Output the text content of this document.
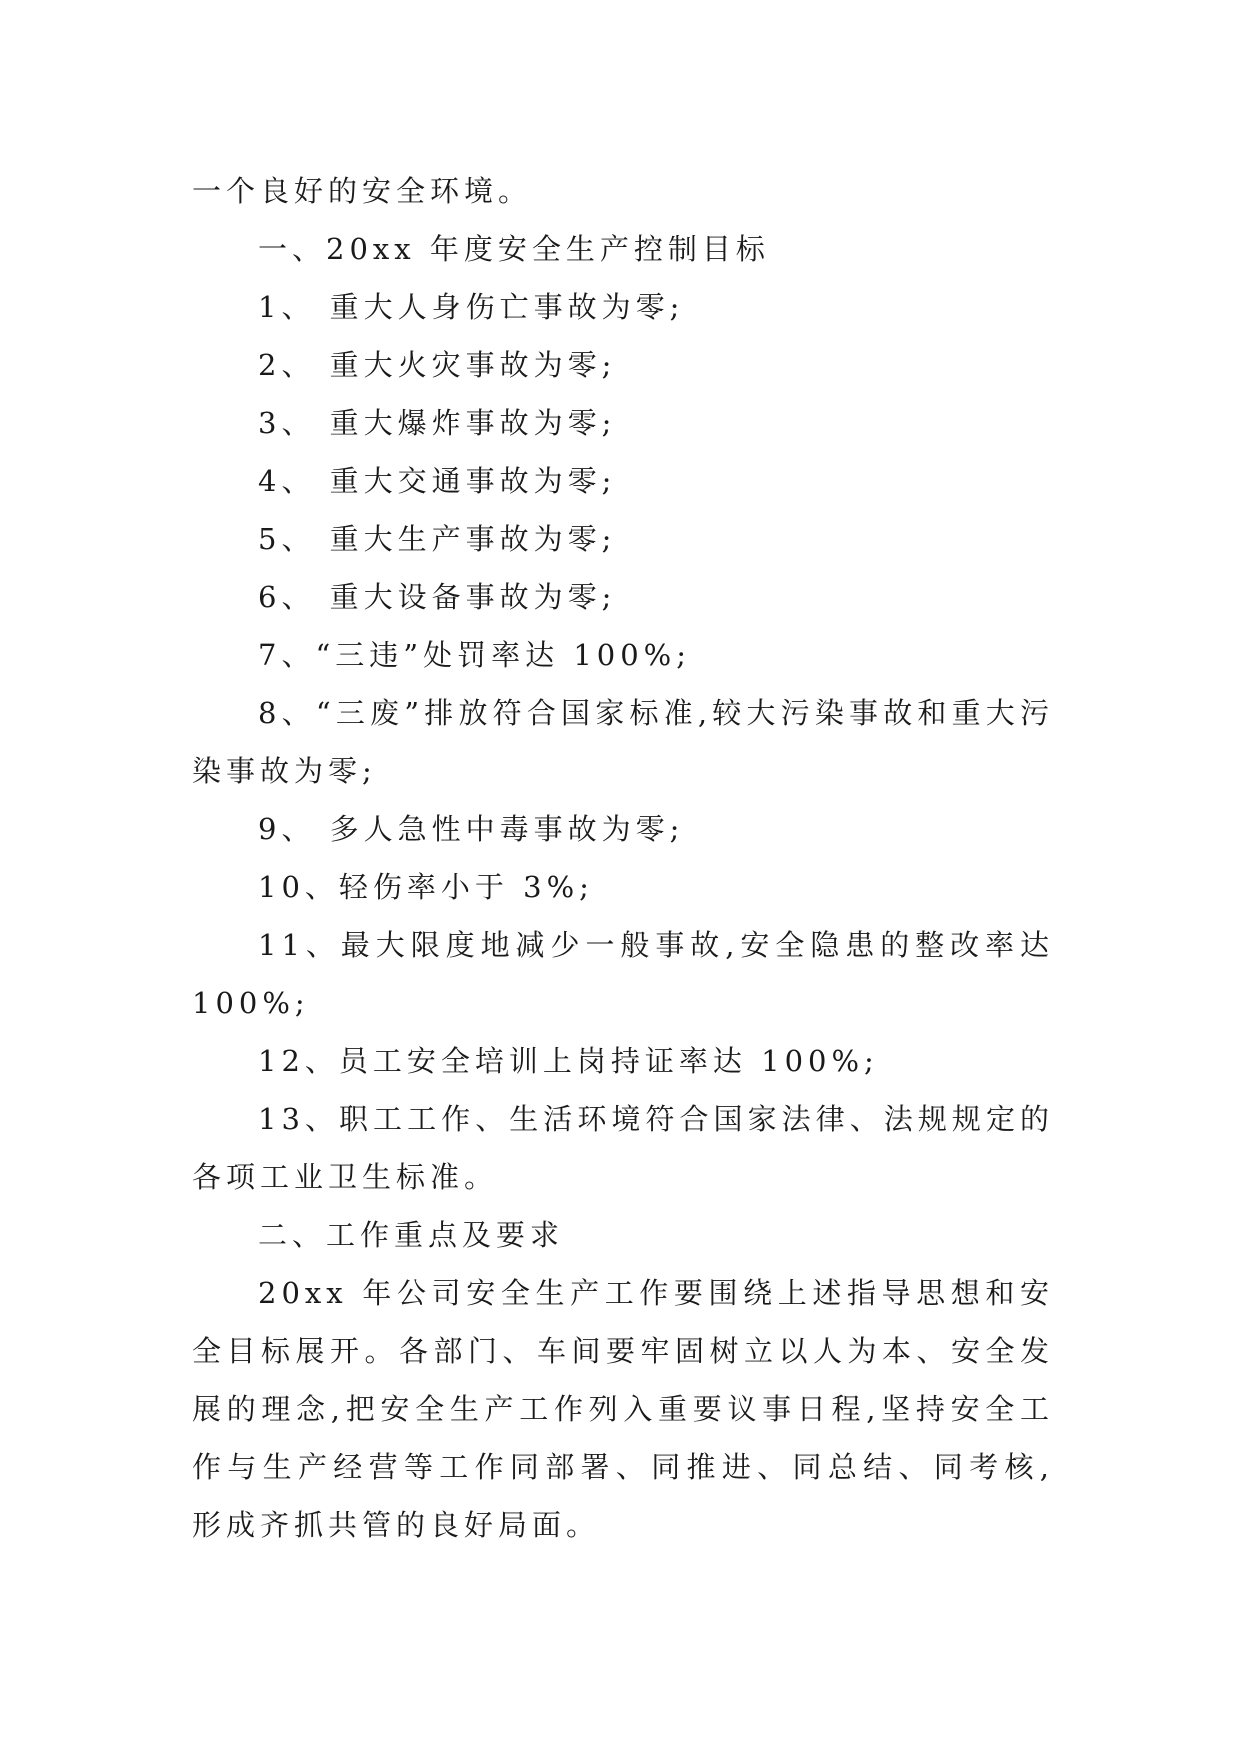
一个良好的安全环境。

一、20xx 年度安全生产控制目标

1、 重大人身伤亡事故为零;

2、 重大火灾事故为零;

3、 重大爆炸事故为零;

4、 重大交通事故为零;

5、 重大生产事故为零;

6、 重大设备事故为零;

7、“三违”处罚率达 100%;

8、“三废”排放符合国家标准,较大污染事故和重大污染事故为零;

9、 多人急性中毒事故为零;

10、轻伤率小于 3%;

11、最大限度地减少一般事故,安全隐患的整改率达 100%;

12、员工安全培训上岗持证率达 100%;

13、职工工作、生活环境符合国家法律、法规规定的各项工业卫生标准。

二、工作重点及要求

20xx 年公司安全生产工作要围绕上述指导思想和安全目标展开。各部门、车间要牢固树立以人为本、安全发展的理念,把安全生产工作列入重要议事日程,坚持安全工作与生产经营等工作同部署、同推进、同总结、同考核,形成齐抓共管的良好局面。
